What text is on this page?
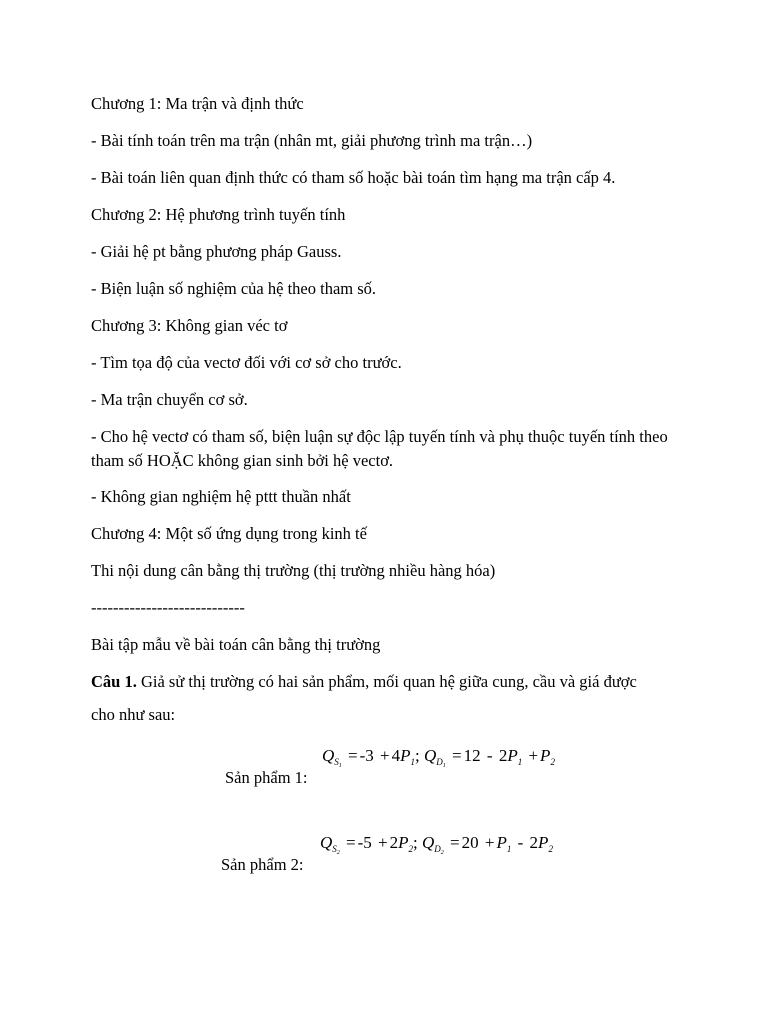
Chương 1: Ma trận và định thức
- Bài tính toán trên ma trận (nhân mt, giải phương trình ma trận…)
- Bài toán liên quan định thức có tham số hoặc bài toán tìm hạng ma trận cấp 4.
Chương 2: Hệ phương trình tuyến tính
- Giải hệ pt bằng phương pháp Gauss.
- Biện luận số nghiệm của hệ theo tham số.
Chương 3: Không gian véc tơ
- Tìm tọa độ của vectơ đối với cơ sở cho trước.
- Ma trận chuyển cơ sở.
- Cho hệ vectơ có tham số, biện luận sự độc lập tuyến tính và phụ thuộc tuyến tính theo tham số HOẶC không gian sinh bởi hệ vectơ.
- Không gian nghiệm hệ pttt thuần nhất
Chương 4: Một số ứng dụng trong kinh tế
Thi nội dung cân bằng thị trường (thị trường nhiều hàng hóa)
----------------------------
Bài tập mẫu về bài toán cân bằng thị trường
Câu 1. Giả sử thị trường có hai sản phẩm, mối quan hệ giữa cung, cầu và giá được
cho như sau:
$Q_{S_1} = -3 + 4P_1$; $Q_{D_1} = 12 - 2P_1 + P_2$
Sản phẩm 1:
$Q_{S_2} = -5 + 2P_2$; $Q_{D_2} = 20 + P_1 - 2P_2$
Sản phẩm 2:
